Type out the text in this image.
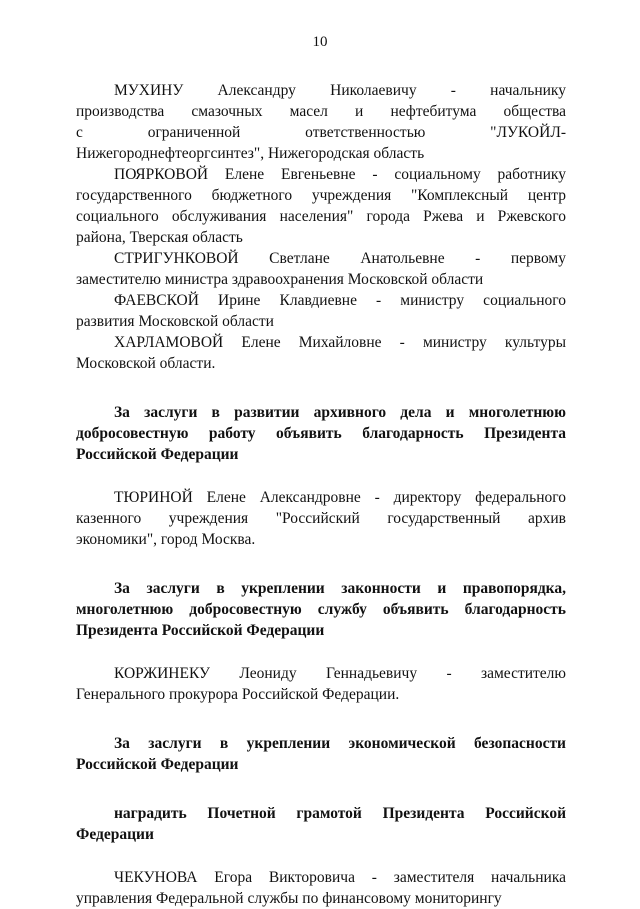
10
МУХИНУ Александру Николаевичу - начальнику
производства смазочных масел и нефтебитума общества
с ограниченной ответственностью "ЛУКОЙЛ-
Нижегороднефтеоргсинтез", Нижегородская область
ПОЯРКОВОЙ Елене Евгеньевне - социальному работнику
государственного бюджетного учреждения "Комплексный центр
социального обслуживания населения" города Ржева и Ржевского
района, Тверская область
СТРИГУНКОВОЙ Светлане Анатольевне - первому
заместителю министра здравоохранения Московской области
ФАЕВСКОЙ Ирине Клавдиевне - министру социального
развития Московской области
ХАРЛАМОВОЙ Елене Михайловне - министру культуры
Московской области.
За заслуги в развитии архивного дела и многолетнюю
добросовестную работу объявить благодарность Президента
Российской Федерации
ТЮРИНОЙ Елене Александровне - директору федерального
казенного учреждения "Российский государственный архив
экономики", город Москва.
За заслуги в укреплении законности и правопорядка,
многолетнюю добросовестную службу объявить благодарность
Президента Российской Федерации
КОРЖИНЕКУ Леониду Геннадьевичу - заместителю
Генерального прокурора Российской Федерации.
За заслуги в укреплении экономической безопасности
Российской Федерации
наградить Почетной грамотой Президента Российской
Федерации
ЧЕКУНОВА Егора Викторовича - заместителя начальника
управления Федеральной службы по финансовому мониторингу
